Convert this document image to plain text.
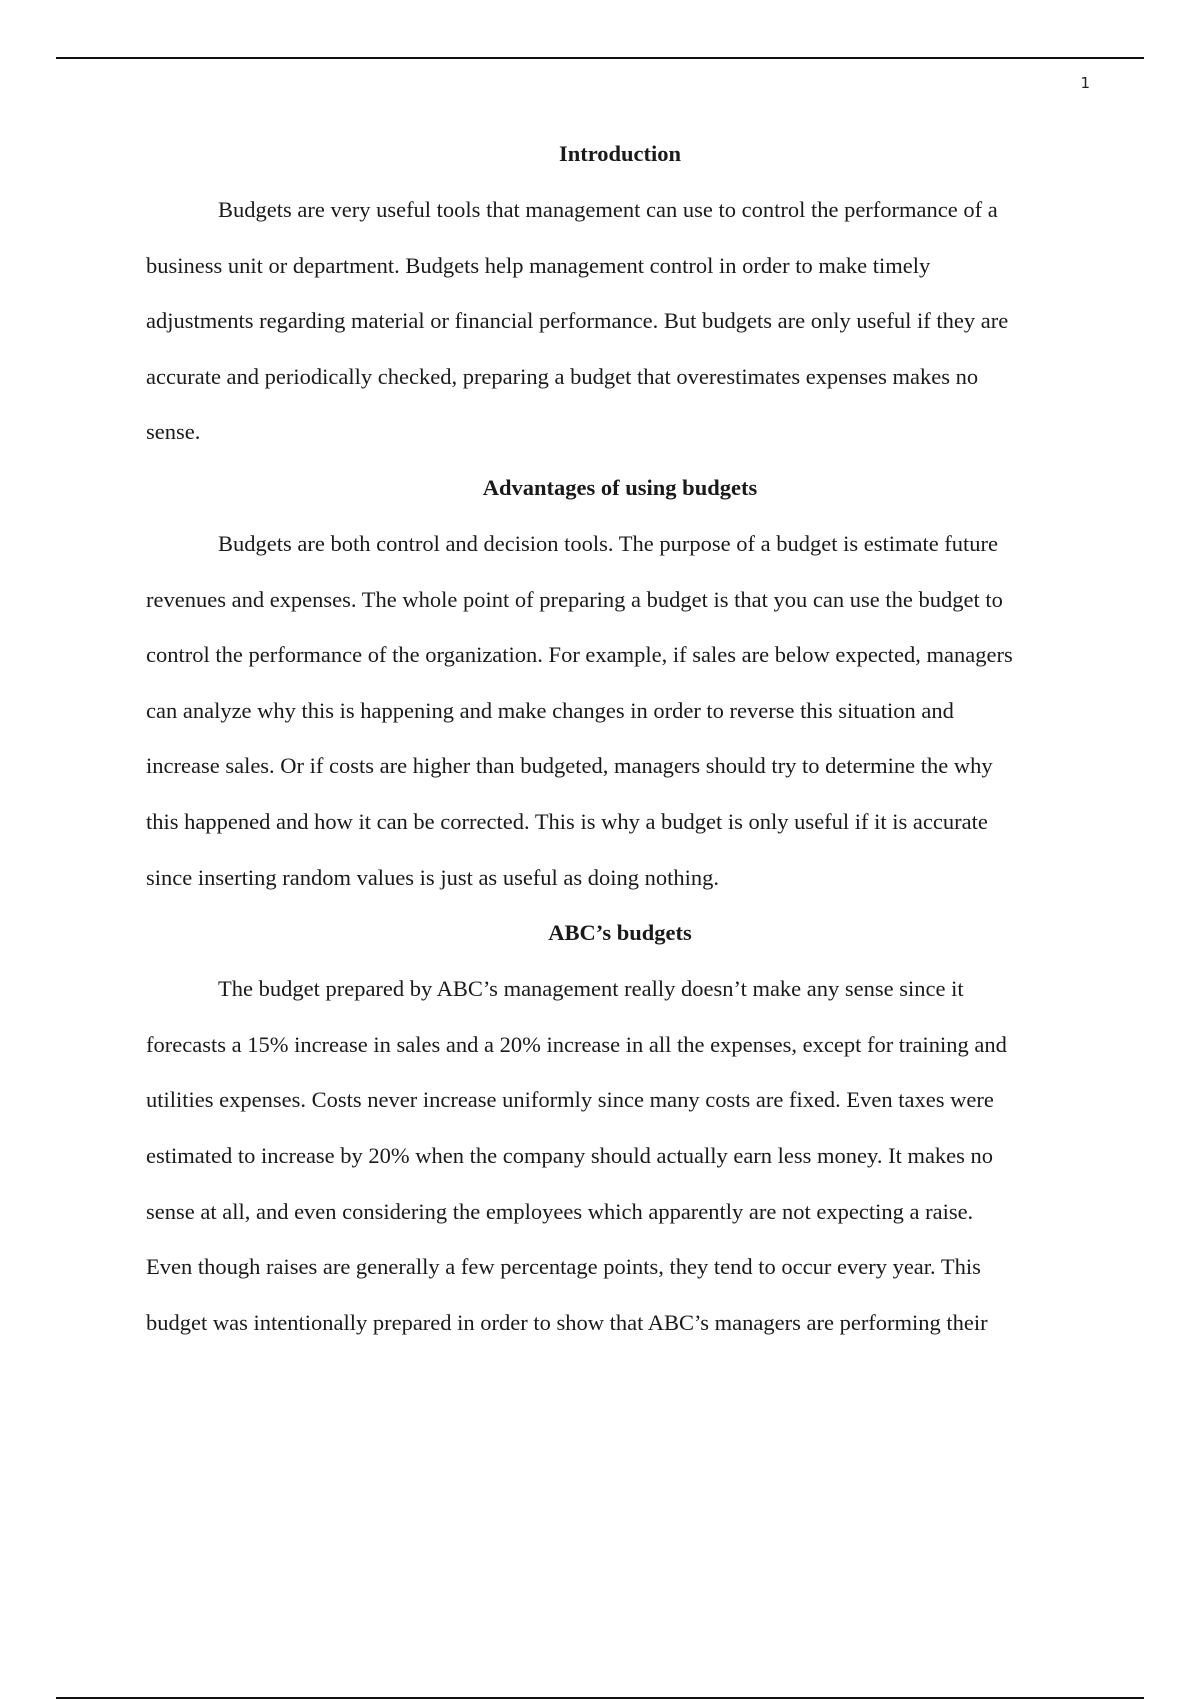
1
Introduction

Budgets are very useful tools that management can use to control the performance of a
business unit or department. Budgets help management control in order to make timely
adjustments regarding material or financial performance. But budgets are only useful if they are
accurate and periodically checked, preparing a budget that overestimates expenses makes no
sense.

Advantages of using budgets

Budgets are both control and decision tools. The purpose of a budget is estimate future
revenues and expenses. The whole point of preparing a budget is that you can use the budget to
control the performance of the organization. For example, if sales are below expected, managers
can analyze why this is happening and make changes in order to reverse this situation and
increase sales. Or if costs are higher than budgeted, managers should try to determine the why
this happened and how it can be corrected. This is why a budget is only useful if it is accurate
since inserting random values is just as useful as doing nothing.

ABC’s budgets

The budget prepared by ABC’s management really doesn’t make any sense since it
forecasts a 15% increase in sales and a 20% increase in all the expenses, except for training and
utilities expenses. Costs never increase uniformly since many costs are fixed. Even taxes were
estimated to increase by 20% when the company should actually earn less money. It makes no
sense at all, and even considering the employees which apparently are not expecting a raise.
Even though raises are generally a few percentage points, they tend to occur every year. This
budget was intentionally prepared in order to show that ABC’s managers are performing their
